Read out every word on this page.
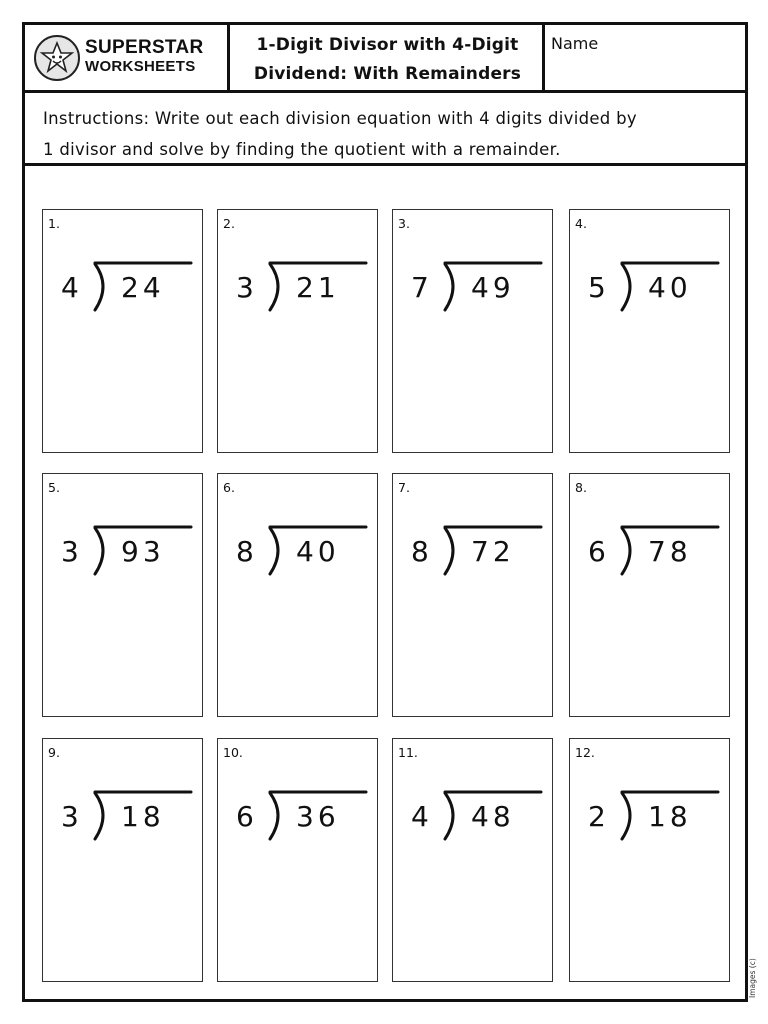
SUPERSTAR
WORKSHEETS
1-Digit Divisor with 4-Digit
Dividend: With Remainders
Name
Instructions: Write out each division equation with 4 digits divided by
1 divisor and solve by finding the quotient with a remainder.
1.
4 24
2.
3 21
3.
7 49
4.
5 40
5.
3 93
6.
8 40
7.
8 72
8.
6 78
9.
3 18
10.
6 36
11.
4 48
12.
2 18
Images (c)
